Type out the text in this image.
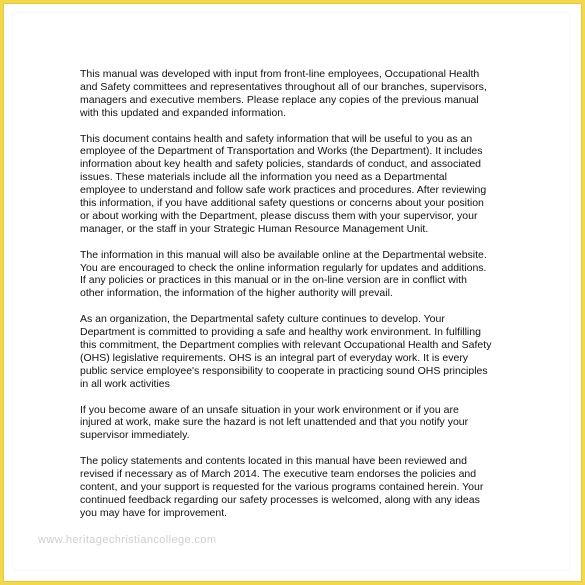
This manual was developed with input from front-line employees, Occupational Health
and Safety committees and representatives throughout all of our branches, supervisors,
managers and executive members. Please replace any copies of the previous manual
with this updated and expanded information.

This document contains health and safety information that will be useful to you as an
employee of the Department of Transportation and Works (the Department). It includes
information about key health and safety policies, standards of conduct, and associated
issues. These materials include all the information you need as a Departmental
employee to understand and follow safe work practices and procedures. After reviewing
this information, if you have additional safety questions or concerns about your position
or about working with the Department, please discuss them with your supervisor, your
manager, or the staff in your Strategic Human Resource Management Unit.

The information in this manual will also be available online at the Departmental website.
You are encouraged to check the online information regularly for updates and additions.
If any policies or practices in this manual or in the on-line version are in conflict with
other information, the information of the higher authority will prevail.

As an organization, the Departmental safety culture continues to develop. Your
Department is committed to providing a safe and healthy work environment. In fulfilling
this commitment, the Department complies with relevant Occupational Health and Safety
(OHS) legislative requirements. OHS is an integral part of everyday work. It is every
public service employee's responsibility to cooperate in practicing sound OHS principles
in all work activities

If you become aware of an unsafe situation in your work environment or if you are
injured at work, make sure the hazard is not left unattended and that you notify your
supervisor immediately.

The policy statements and contents located in this manual have been reviewed and
revised if necessary as of March 2014. The executive team endorses the policies and
content, and your support is requested for the various programs contained herein. Your
continued feedback regarding our safety processes is welcomed, along with any ideas
you may have for improvement.

www.heritagechristiancollege.com
